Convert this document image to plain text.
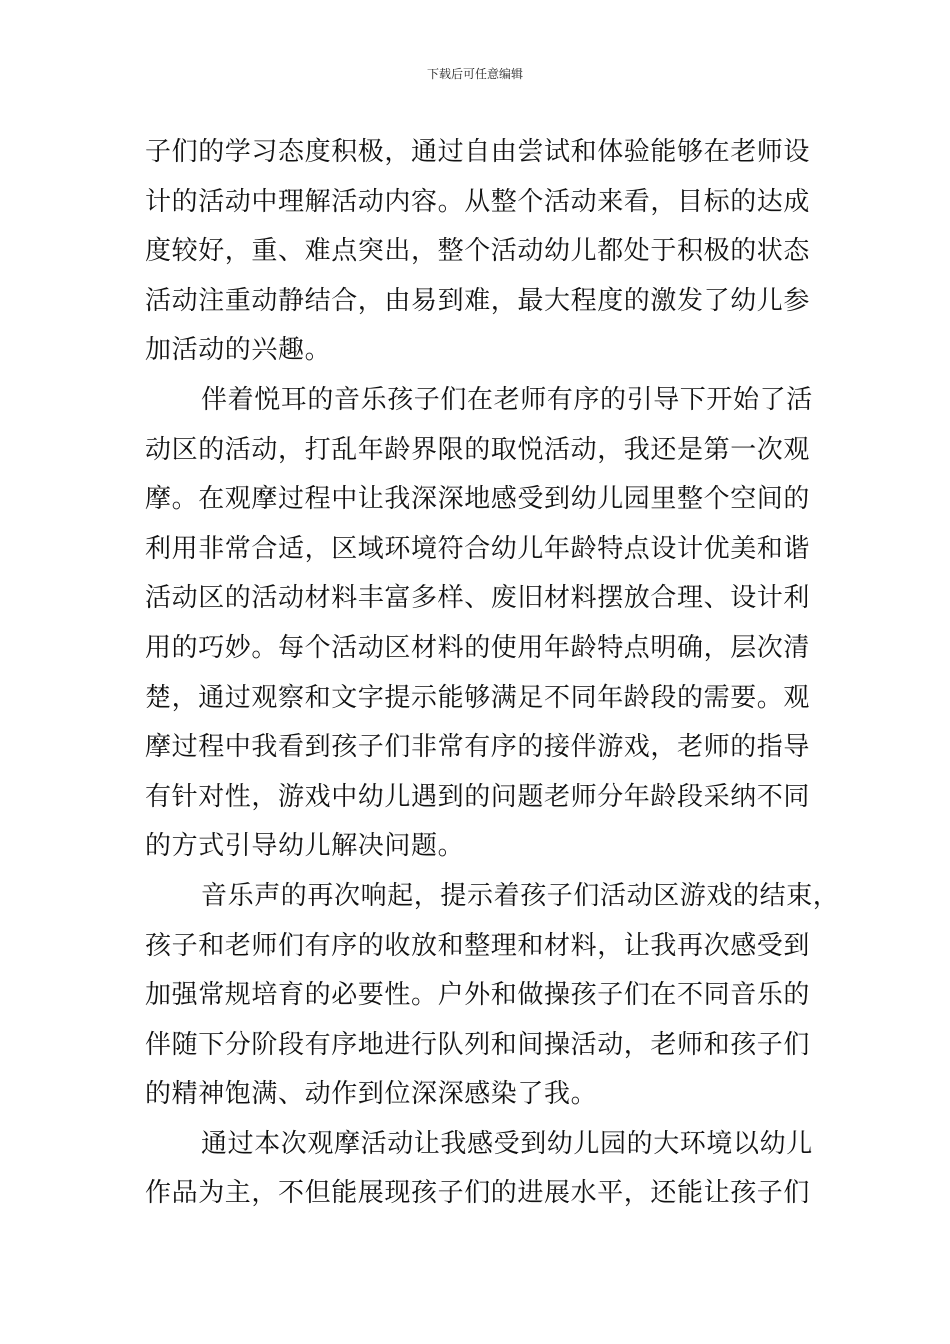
下载后可任意编辑
子们的学习态度积极，通过自由尝试和体验能够在老师设
计的活动中理解活动内容。从整个活动来看，目标的达成
度较好，重、难点突出，整个活动幼儿都处于积极的状态
活动注重动静结合，由易到难，最大程度的激发了幼儿参
加活动的兴趣。
伴着悦耳的音乐孩子们在老师有序的引导下开始了活
动区的活动，打乱年龄界限的取悦活动，我还是第一次观
摩。在观摩过程中让我深深地感受到幼儿园里整个空间的
利用非常合适，区域环境符合幼儿年龄特点设计优美和谐
活动区的活动材料丰富多样、废旧材料摆放合理、设计利
用的巧妙。每个活动区材料的使用年龄特点明确，层次清
楚，通过观察和文字提示能够满足不同年龄段的需要。观
摩过程中我看到孩子们非常有序的接伴游戏，老师的指导
有针对性，游戏中幼儿遇到的问题老师分年龄段采纳不同
的方式引导幼儿解决问题。
音乐声的再次响起，提示着孩子们活动区游戏的结束，
孩子和老师们有序的收放和整理和材料，让我再次感受到
加强常规培育的必要性。户外和做操孩子们在不同音乐的
伴随下分阶段有序地进行队列和间操活动，老师和孩子们
的精神饱满、动作到位深深感染了我。
通过本次观摩活动让我感受到幼儿园的大环境以幼儿
作品为主，不但能展现孩子们的进展水平，还能让孩子们
